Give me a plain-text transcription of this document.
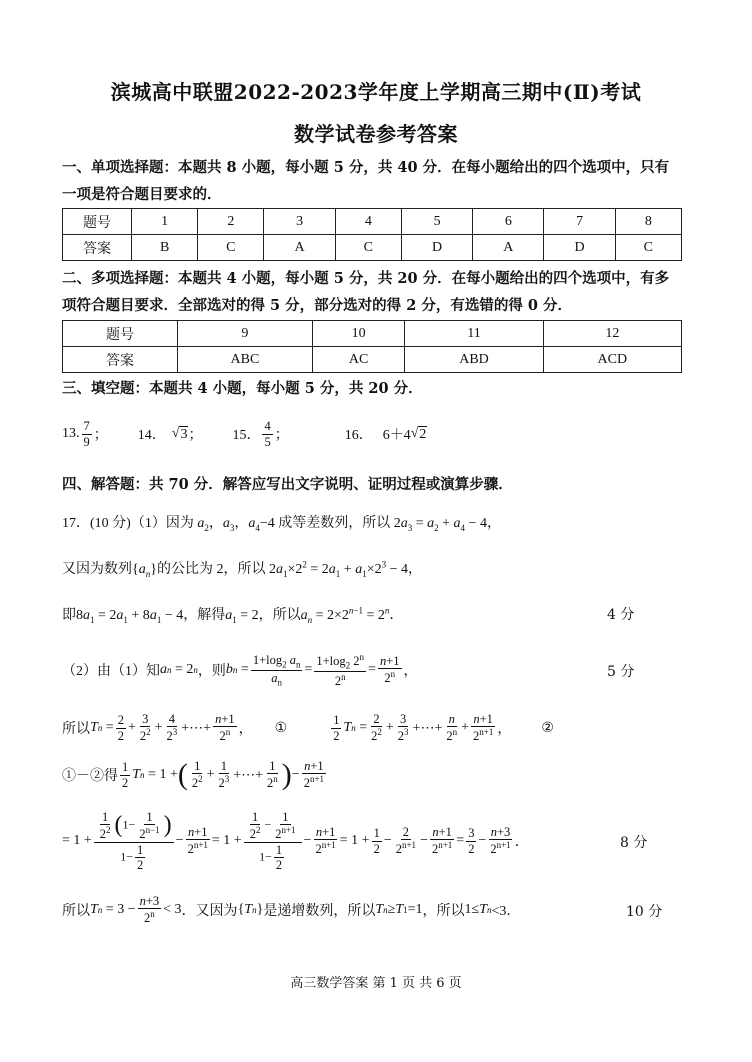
滨城高中联盟2022-2023学年度上学期高三期中(Ⅱ)考试
数学试卷参考答案
一、单项选择题：本题共 8 小题，每小题 5 分，共 40 分．在每小题给出的四个选项中，只有
一项是符合题目要求的．
题号	1	2	3	4	5	6	7	8
答案	B	C	A	C	D	A	D	C
二、多项选择题：本题共 4 小题，每小题 5 分，共 20 分．在每小题给出的四个选项中，有多
项符合题目要求．全部选对的得 5 分，部分选对的得 2 分，有选错的得 0 分．
题号	9	10	11	12
答案	ABC	AC	ABD	ACD
三、填空题：本题共 4 小题，每小题 5 分，共 20 分．
13. $\frac{7}{9}$ ； 14． √ 3 ； 15． $\frac{4}{5}$ ；	16． 6＋4 √ 2
四、解答题：共 70 分．解答应写出文字说明、证明过程或演算步骤．
17．(10 分)（1）因为 $a_2$，$a_3$，$a_4-4$ 成等差数列，所以 $2a_3 = a_2 + a_4 - 4$，
又因为数列$\{a_n\}$的公比为 2，所以 $2a_1\times 2^2 = 2a_1 + a_1\times 2^3 - 4$，
即$8a_1 = 2a_1 + 8a_1 - 4$，解得$a_1 = 2$，所以$a_n = 2\times 2^{n-1} = 2^n$．	4 分
（2）由（1）知 a n = 2 n ，则 b $n = \frac{1+\log_2 a_n}{a_n} = \frac{1+\log_2 2^n}{2^n} = \frac{n+1}{2^n}$ ，	5 分
所以 T $n = \frac{2}{2} + \frac{3}{2^2} + \frac{4}{2^3}$ +⋯+ $\frac{n+1}{2^n}$ ， ①	$\frac{1}{2}$ T $n = \frac{2}{2^2} + \frac{3}{2^3}$ +⋯+ $\frac{n}{2^n} + \frac{n+1}{2^{n+1}}$ ， ②
①－②得 $\frac{1}{2}$ T n = 1 + ( $\frac{1}{2^2} + \frac{1}{2^3}$ +⋯+ $\frac{1}{2^n}$ ) − $\frac{n+1}{2^{n+1}}$
= $1 + \frac{\frac{1}{2^2} (1- \frac{1}{2^{n-1}} )}{1- \frac{1}{2}} - \frac{n+1}{2^{n+1}} = 1 + \frac{\frac{1}{2^2} - \frac{1}{2^{n+1}}}{1- \frac{1}{2}} - \frac{n+1}{2^{n+1}} = 1 + \frac{1}{2} - \frac{2}{2^{n+1}} - \frac{n+1}{2^{n+1}} = \frac{3}{2} - \frac{n+3}{2^{n+1}}$ ．	8 分
所以 T $n = 3 - \frac{n+3}{2^n} < 3$ ．又因为 { T n } 是递增数列，所以 T n ≥ T 1 =1 ，所以 1≤ T n <3．	10 分
高三数学答案 第 1 页 共 6 页
